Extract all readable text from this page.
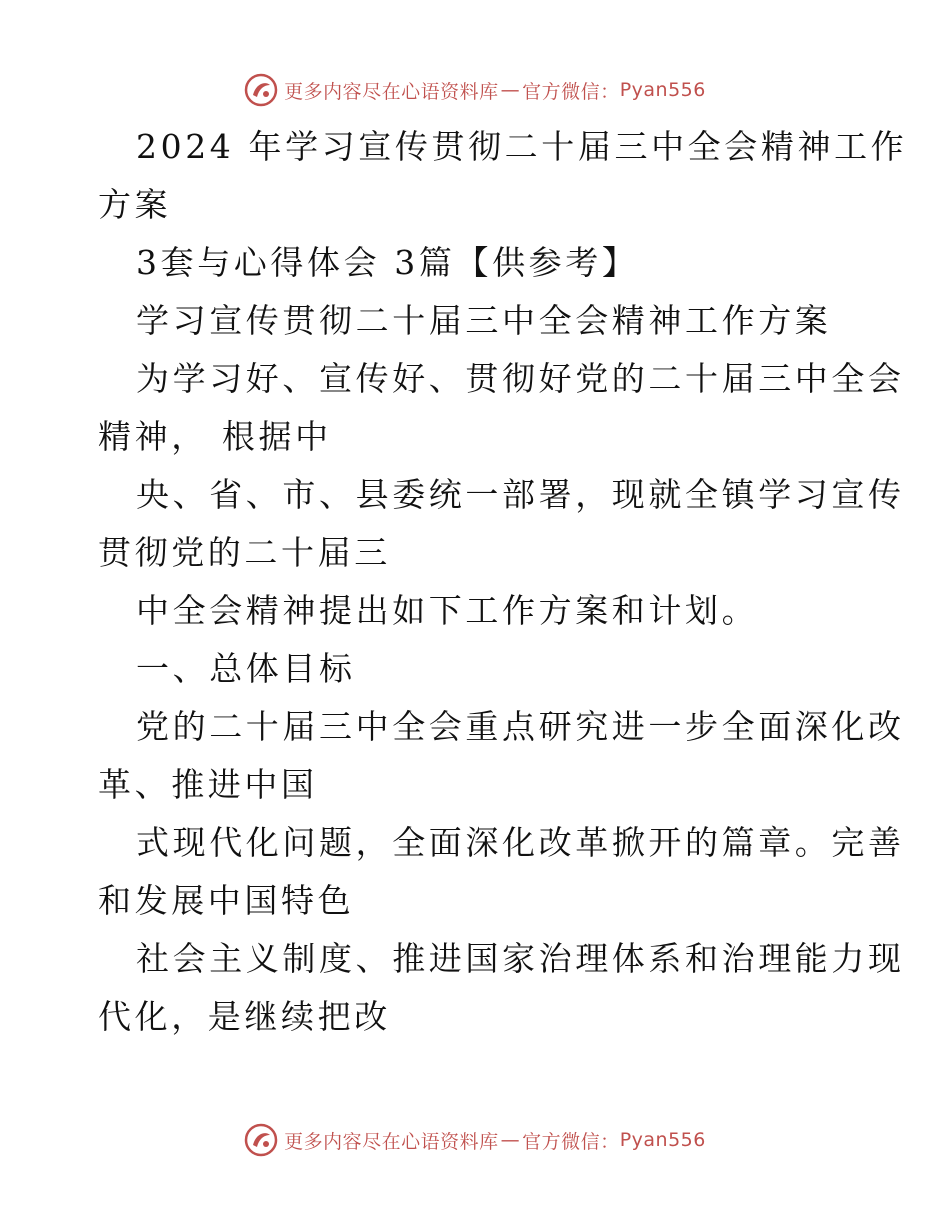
更多内容尽在心语资料库 — 官方微信： Pyan556
2024 年学习宣传贯彻二十届三中全会精神工作
方案
3套与心得体会 3篇【供参考】
学习宣传贯彻二十届三中全会精神工作方案
为学习好、宣传好、贯彻好党的二十届三中全会
精神， 根据中
央、省、市、县委统一部署，现就全镇学习宣传
贯彻党的二十届三
中全会精神提出如下工作方案和计划。
一、总体目标
党的二十届三中全会重点研究进一步全面深化改
革、推进中国
式现代化问题，全面深化改革掀开的篇章。完善
和发展中国特色
社会主义制度、推进国家治理体系和治理能力现
代化，是继续把改
更多内容尽在心语资料库 — 官方微信： Pyan556
